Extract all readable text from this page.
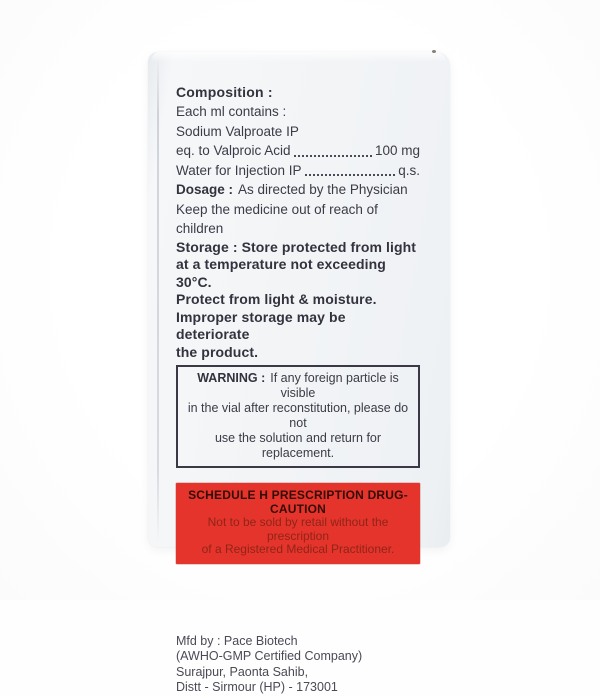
Composition :
Each ml contains :
Sodium Valproate IP
eq. to Valproic Acid	100 mg
Water for Injection IP	q.s.
Dosage : As directed by the Physician
Keep the medicine out of reach of children
Storage : Store protected from light
at a temperature not exceeding 30°C.
Protect from light & moisture.
Improper storage may be deteriorate
the product.
WARNING : If any foreign particle is visible
in the vial after reconstitution, please do not
use the solution and return for replacement.
SCHEDULE H PRESCRIPTION DRUG-CAUTION
Not to be sold by retail without the prescription
of a Registered Medical Practitioner.
Mfd by : Pace Biotech
(AWHO-GMP Certified Company)
Surajpur, Paonta Sahib,
Distt - Sirmour (HP) - 173001
